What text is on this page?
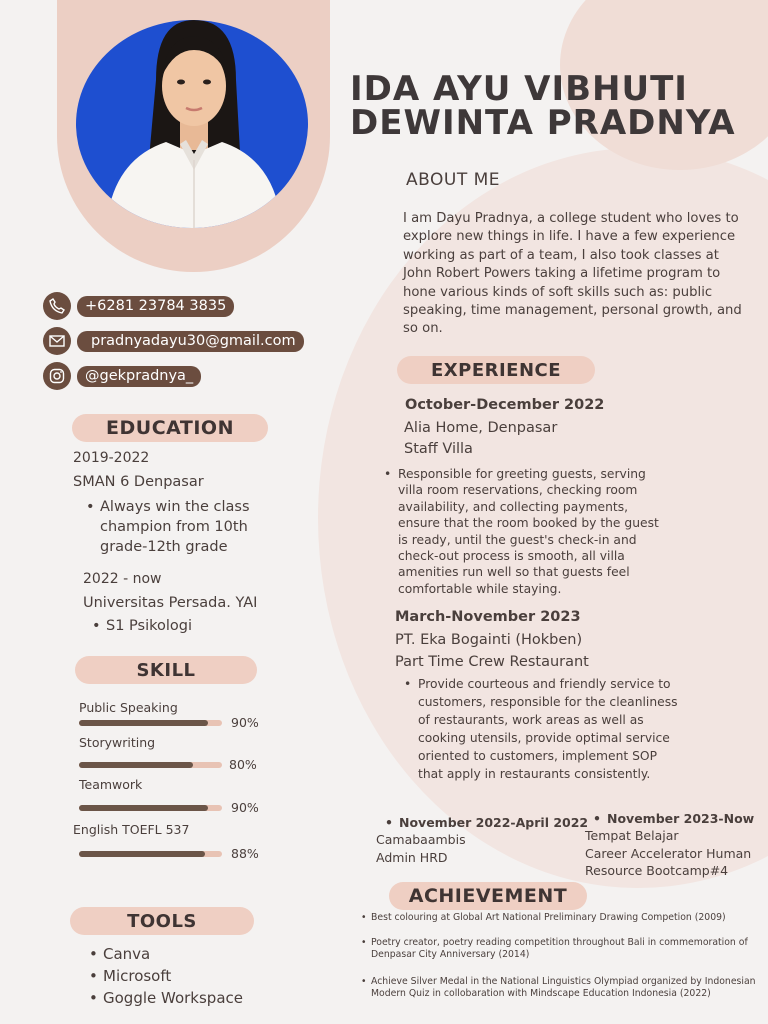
IDA AYU VIBHUTI
DEWINTA PRADNYA
ABOUT ME
I am Dayu Pradnya, a college student who loves to explore new things in life. I have a few experience working as part of a team, I also took classes at John Robert Powers taking a lifetime program to hone various kinds of soft skills such as: public speaking, time management, personal growth, and so on.
+6281 23784 3835
pradnyadayu30@gmail.com
@gekpradnya_
EDUCATION
2019-2022
SMAN 6 Denpasar
• Always win the class champion from 10th grade-12th grade
2022 - now
Universitas Persada. YAI
• S1 Psikologi
SKILL
Public Speaking
90%
Storywriting
80%
Teamwork
90%
English TOEFL 537
88%
TOOLS
• Canva
• Microsoft
• Goggle Workspace
EXPERIENCE
October-December 2022
Alia Home, Denpasar
Staff Villa
• Responsible for greeting guests, serving villa room reservations, checking room availability, and collecting payments, ensure that the room booked by the guest is ready, until the guest's check-in and check-out process is smooth, all villa amenities run well so that guests feel comfortable while staying.
March-November 2023
PT. Eka Bogainti (Hokben)
Part Time Crew Restaurant
• Provide courteous and friendly service to customers, responsible for the cleanliness of restaurants, work areas as well as cooking utensils, provide optimal service oriented to customers, implement SOP that apply in restaurants consistently.
• November 2022-April 2022
Camabaambis
Admin HRD
• November 2023-Now
Tempat Belajar
Career Accelerator Human
Resource Bootcamp#4
ACHIEVEMENT
• Best colouring at Global Art National Preliminary Drawing Competion (2009)
• Poetry creator, poetry reading competition throughout Bali in commemoration of Denpasar City Anniversary (2014)
• Achieve Silver Medal in the National Linguistics Olympiad organized by Indonesian Modern Quiz in collobaration with Mindscape Education Indonesia (2022)
